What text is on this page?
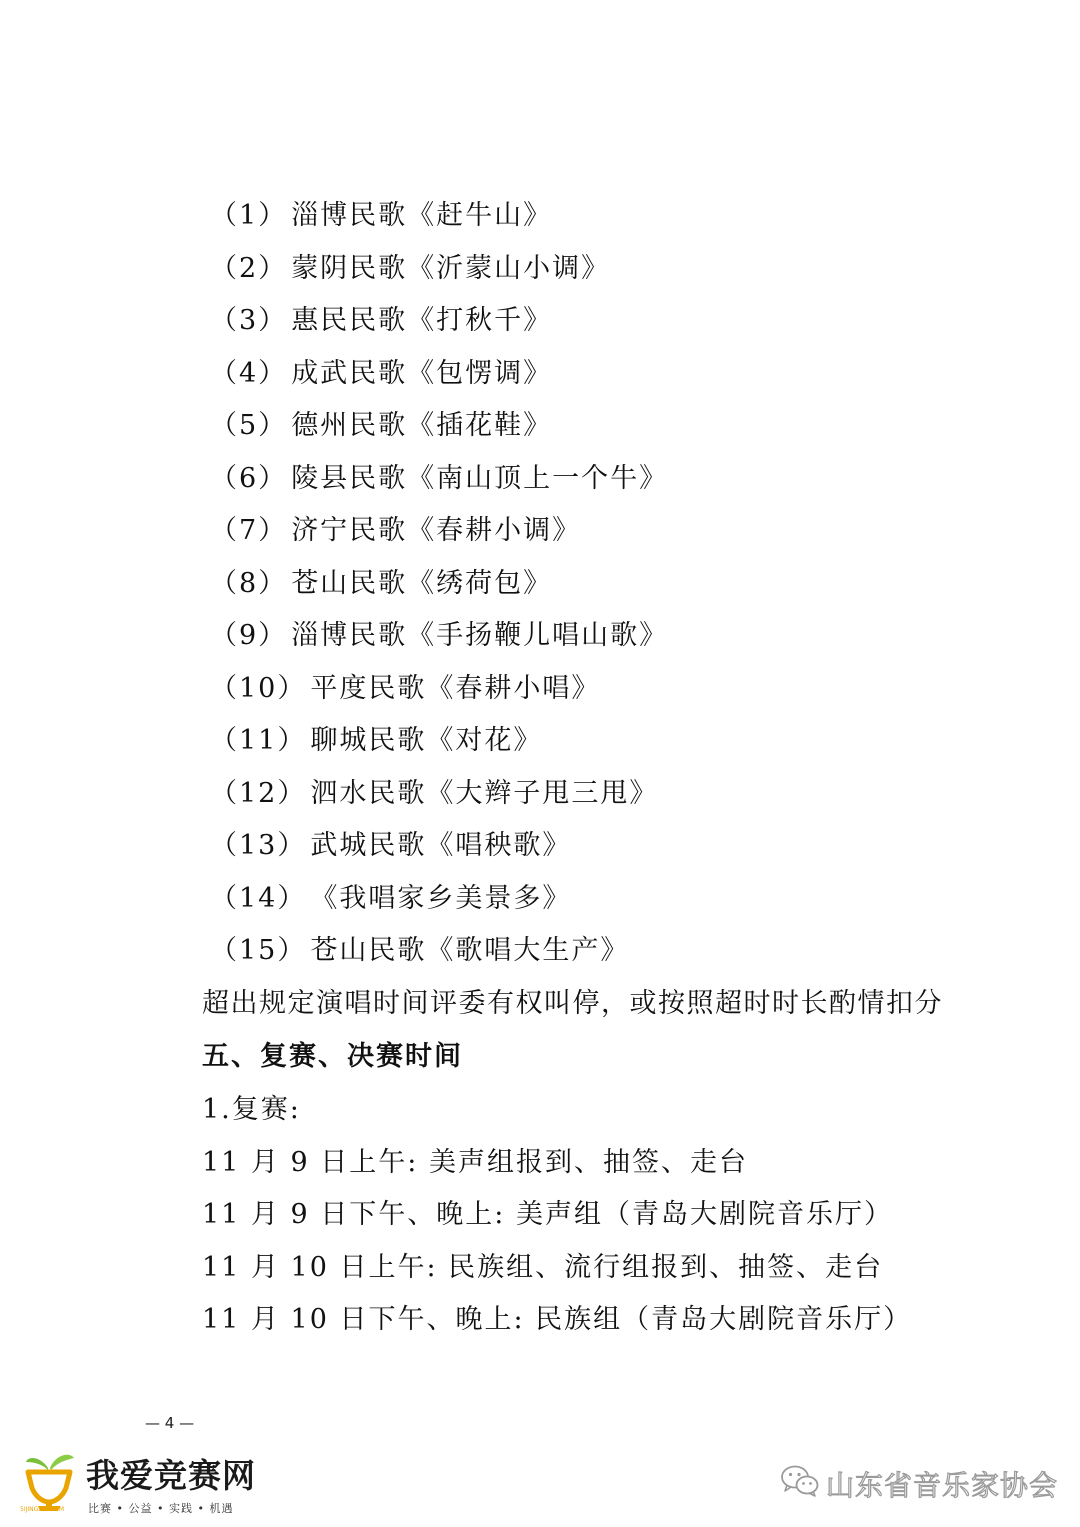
（1） 淄博民歌《赶牛山》
（2） 蒙阴民歌《沂蒙山小调》
（3） 惠民民歌《打秋千》
（4） 成武民歌《包愣调》
（5） 德州民歌《插花鞋》
（6） 陵县民歌《南山顶上一个牛》
（7） 济宁民歌《春耕小调》
（8） 苍山民歌《绣荷包》
（9） 淄博民歌《手扬鞭儿唱山歌》
（10） 平度民歌《春耕小唱》
（11） 聊城民歌《对花》
（12） 泗水民歌《大辫子甩三甩》
（13） 武城民歌《唱秧歌》
（14） 《我唱家乡美景多》
（15） 苍山民歌《歌唱大生产》
超出规定演唱时间评委有权叫停，或按照超时时长酌情扣分
五、复赛、决赛时间
1.复赛:
11 月 9 日上午: 美声组报到、抽签、走台
11 月 9 日下午、晚上: 美声组（青岛大剧院音乐厅）
11 月 10 日上午: 民族组、流行组报到、抽签、走台
11 月 10 日下午、晚上: 民族组（青岛大剧院音乐厅）
— 4 —
5IJINGSAI.COM
我爱竞赛网
比赛 • 公益 • 实践 • 机遇
山东省音乐家协会
